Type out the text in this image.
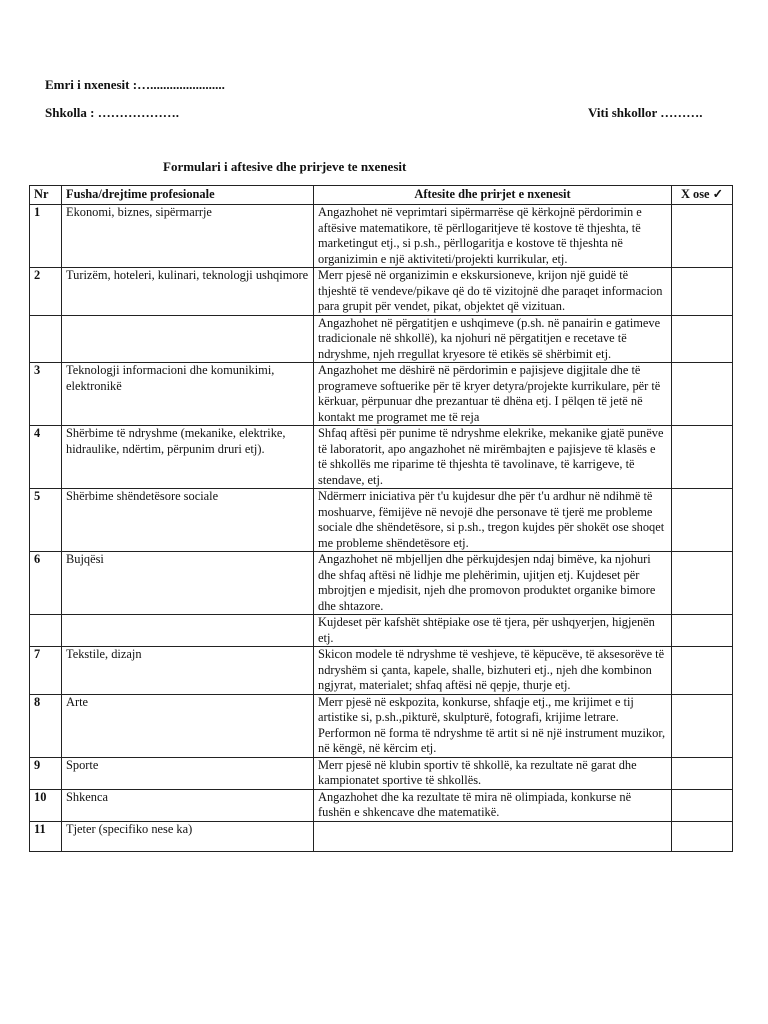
Emri i nxenesit :….......................
Shkolla : ……………….	Viti shkollor ……….
Formulari i aftesive dhe prirjeve te nxenesit
Nr	Fusha/drejtime profesionale	Aftesite dhe prirjet e nxenesit	X ose ✓
1	Ekonomi, biznes, sipërmarrje	Angazhohet në veprimtari sipërmarrëse që kërkojnë përdorimin e aftësive matematikore, të përllogaritjeve të kostove të thjeshta, të marketingut etj., si p.sh., përllogaritja e kostove të thjeshta në organizimin e një aktiviteti/projekti kurrikular, etj.	
2	Turizëm, hoteleri, kulinari, teknologji ushqimore	Merr pjesë në organizimin e ekskursioneve, krijon një guidë të thjeshtë të vendeve/pikave që do të vizitojnë dhe paraqet informacion para grupit për vendet, pikat, objektet që vizituan.	
		Angazhohet në përgatitjen e ushqimeve (p.sh. në panairin e gatimeve tradicionale në shkollë), ka njohuri në përgatitjen e recetave të ndryshme, njeh rregullat kryesore të etikës së shërbimit etj.	
3	Teknologji informacioni dhe komunikimi, elektronikë	Angazhohet me dëshirë në përdorimin e pajisjeve digjitale dhe të programeve softuerike për të kryer detyra/projekte kurrikulare, për të kërkuar, përpunuar dhe prezantuar të dhëna etj. I pëlqen të jetë në kontakt me programet me të reja	
4	Shërbime të ndryshme (mekanike, elektrike, hidraulike, ndërtim, përpunim druri etj).	Shfaq aftësi për punime të ndryshme elekrike, mekanike gjatë punëve të laboratorit, apo angazhohet në mirëmbajten e pajisjeve të klasës e të shkollës me riparime të thjeshta të tavolinave, të karrigeve, të stendave, etj.	
5	Shërbime shëndetësore sociale	Ndërmerr iniciativa për t'u kujdesur dhe për t'u ardhur në ndihmë të moshuarve, fëmijëve në nevojë dhe personave të tjerë me probleme sociale dhe shëndetësore, si p.sh., tregon kujdes për shokët ose shoqet me probleme shëndetësore etj.	
6	Bujqësi	Angazhohet në mbjelljen dhe përkujdesjen ndaj bimëve, ka njohuri dhe shfaq aftësi në lidhje me plehërimin, ujitjen etj. Kujdeset për mbrojtjen e mjedisit, njeh dhe promovon produktet organike bimore dhe shtazore.	
		Kujdeset për kafshët shtëpiake ose të tjera, për ushqyerjen, higjenën etj.	
7	Tekstile, dizajn	Skicon modele të ndryshme të veshjeve, të këpucëve, të aksesorëve të ndryshëm si çanta, kapele, shalle, bizhuteri etj., njeh dhe kombinon ngjyrat, materialet; shfaq aftësi në qepje, thurje etj.	
8	Arte	Merr pjesë në eskpozita, konkurse, shfaqje etj., me krijimet e tij artistike si, p.sh.,pikturë, skulpturë, fotografi, krijime letrare. Performon në forma të ndryshme të artit si në një instrument muzikor, në këngë, në kërcim etj.	
9	Sporte	Merr pjesë në klubin sportiv të shkollë, ka rezultate në garat dhe kampionatet sportive të shkollës.	
10	Shkenca	Angazhohet dhe ka rezultate të mira në olimpiada, konkurse në fushën e shkencave dhe matematikë.	
11	Tjeter (specifiko nese ka)		
